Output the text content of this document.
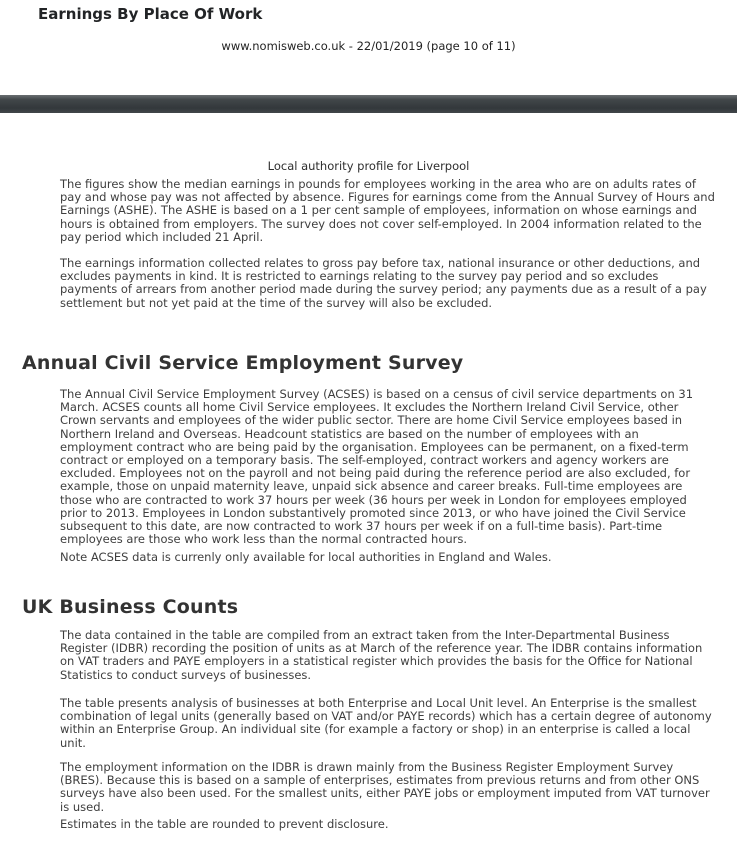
Earnings By Place Of Work
www.nomisweb.co.uk - 22/01/2019 (page 10 of 11)
Local authority profile for Liverpool

The figures show the median earnings in pounds for employees working in the area who are on adults rates of pay and whose pay was not affected by absence. Figures for earnings come from the Annual Survey of Hours and Earnings (ASHE). The ASHE is based on a 1 per cent sample of employees, information on whose earnings and hours is obtained from employers. The survey does not cover self-employed. In 2004 information related to the pay period which included 21 April.

The earnings information collected relates to gross pay before tax, national insurance or other deductions, and excludes payments in kind. It is restricted to earnings relating to the survey pay period and so excludes payments of arrears from another period made during the survey period; any payments due as a result of a pay settlement but not yet paid at the time of the survey will also be excluded.

Annual Civil Service Employment Survey

The Annual Civil Service Employment Survey (ACSES) is based on a census of civil service departments on 31 March. ACSES counts all home Civil Service employees. It excludes the Northern Ireland Civil Service, other Crown servants and employees of the wider public sector. There are home Civil Service employees based in Northern Ireland and Overseas. Headcount statistics are based on the number of employees with an employment contract who are being paid by the organisation. Employees can be permanent, on a fixed-term contract or employed on a temporary basis. The self-employed, contract workers and agency workers are excluded. Employees not on the payroll and not being paid during the reference period are also excluded, for example, those on unpaid maternity leave, unpaid sick absence and career breaks. Full-time employees are those who are contracted to work 37 hours per week (36 hours per week in London for employees employed prior to 2013. Employees in London substantively promoted since 2013, or who have joined the Civil Service subsequent to this date, are now contracted to work 37 hours per week if on a full-time basis). Part-time employees are those who work less than the normal contracted hours.

Note ACSES data is currenly only available for local authorities in England and Wales.

UK Business Counts

The data contained in the table are compiled from an extract taken from the Inter-Departmental Business Register (IDBR) recording the position of units as at March of the reference year. The IDBR contains information on VAT traders and PAYE employers in a statistical register which provides the basis for the Office for National Statistics to conduct surveys of businesses.

The table presents analysis of businesses at both Enterprise and Local Unit level. An Enterprise is the smallest combination of legal units (generally based on VAT and/or PAYE records) which has a certain degree of autonomy within an Enterprise Group. An individual site (for example a factory or shop) in an enterprise is called a local unit.

The employment information on the IDBR is drawn mainly from the Business Register Employment Survey (BRES). Because this is based on a sample of enterprises, estimates from previous returns and from other ONS surveys have also been used. For the smallest units, either PAYE jobs or employment imputed from VAT turnover is used.

Estimates in the table are rounded to prevent disclosure.
